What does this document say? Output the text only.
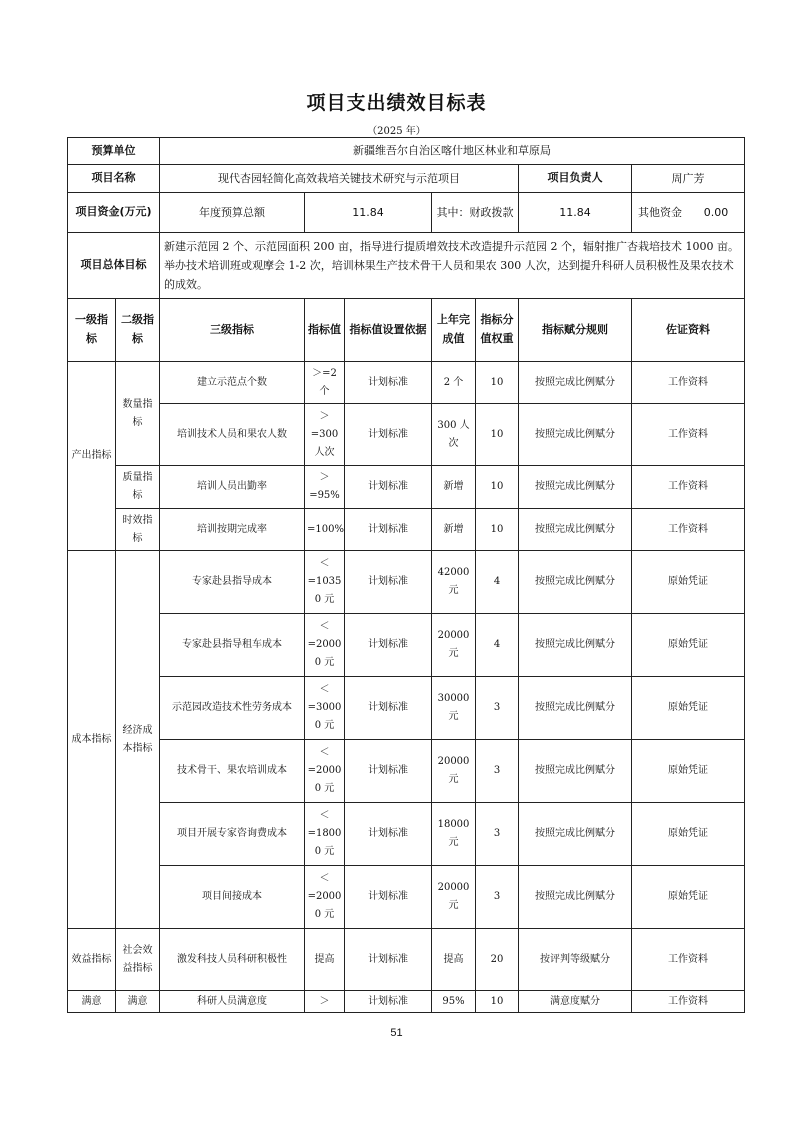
项目支出绩效目标表
（2025 年）
预算单位		新疆维吾尔自治区喀什地区林业和草原局						
项目名称		现代杏园轻简化高效栽培关键技术研究与示范项目					项目负责人	周广芳
项目资金(万元)		年度预算总额	11.84		其中：财政拨款		11.84	其他资金 0.00

项目总体目标		新建示范园 2 个、示范园面积 200 亩，指导进行提质增效技术改造提升示范园 2 个，辐射推广杏栽培技术 1000 亩。举办技术培训班或观摩会 1-2 次，培训林果生产技术骨干人员和果农 300 人次，达到提升科研人员积极性及果农技术的成效。						
一级指标	二级指标	三级指标	指标值	指标值设置依据	上年完成值	指标分值权重	指标赋分规则	佐证资料
产出指标	数量指标	建立示范点个数	＞=2 个	计划标准	2 个	10	按照完成比例赋分	工作资料
		培训技术人员和果农人数	＞ =300 人次	计划标准	300 人次	10	按照完成比例赋分	工作资料
	质量指标	培训人员出勤率	＞ =95%	计划标准	新增	10	按照完成比例赋分	工作资料
	时效指标	培训按期完成率	=100%	计划标准	新增	10	按照完成比例赋分	工作资料
成本指标	经济成本指标	专家赴县指导成本	＜ =1035 0 元	计划标准	42000 元	4	按照完成比例赋分	原始凭证
		专家赴县指导租车成本	＜ =2000 0 元	计划标准	20000 元	4	按照完成比例赋分	原始凭证
		示范园改造技术性劳务成本	＜ =3000 0 元	计划标准	30000 元	3	按照完成比例赋分	原始凭证
		技术骨干、果农培训成本	＜ =2000 0 元	计划标准	20000 元	3	按照完成比例赋分	原始凭证
		项目开展专家咨询费成本	＜ =1800 0 元	计划标准	18000 元	3	按照完成比例赋分	原始凭证
		项目间接成本	＜ =2000 0 元	计划标准	20000 元	3	按照完成比例赋分	原始凭证
效益指标	社会效益指标	激发科技人员科研积极性	提高	计划标准	提高	20	按评判等级赋分	工作资料
满意	满意	科研人员满意度	＞	计划标准	95%	10	满意度赋分	工作资料
51
